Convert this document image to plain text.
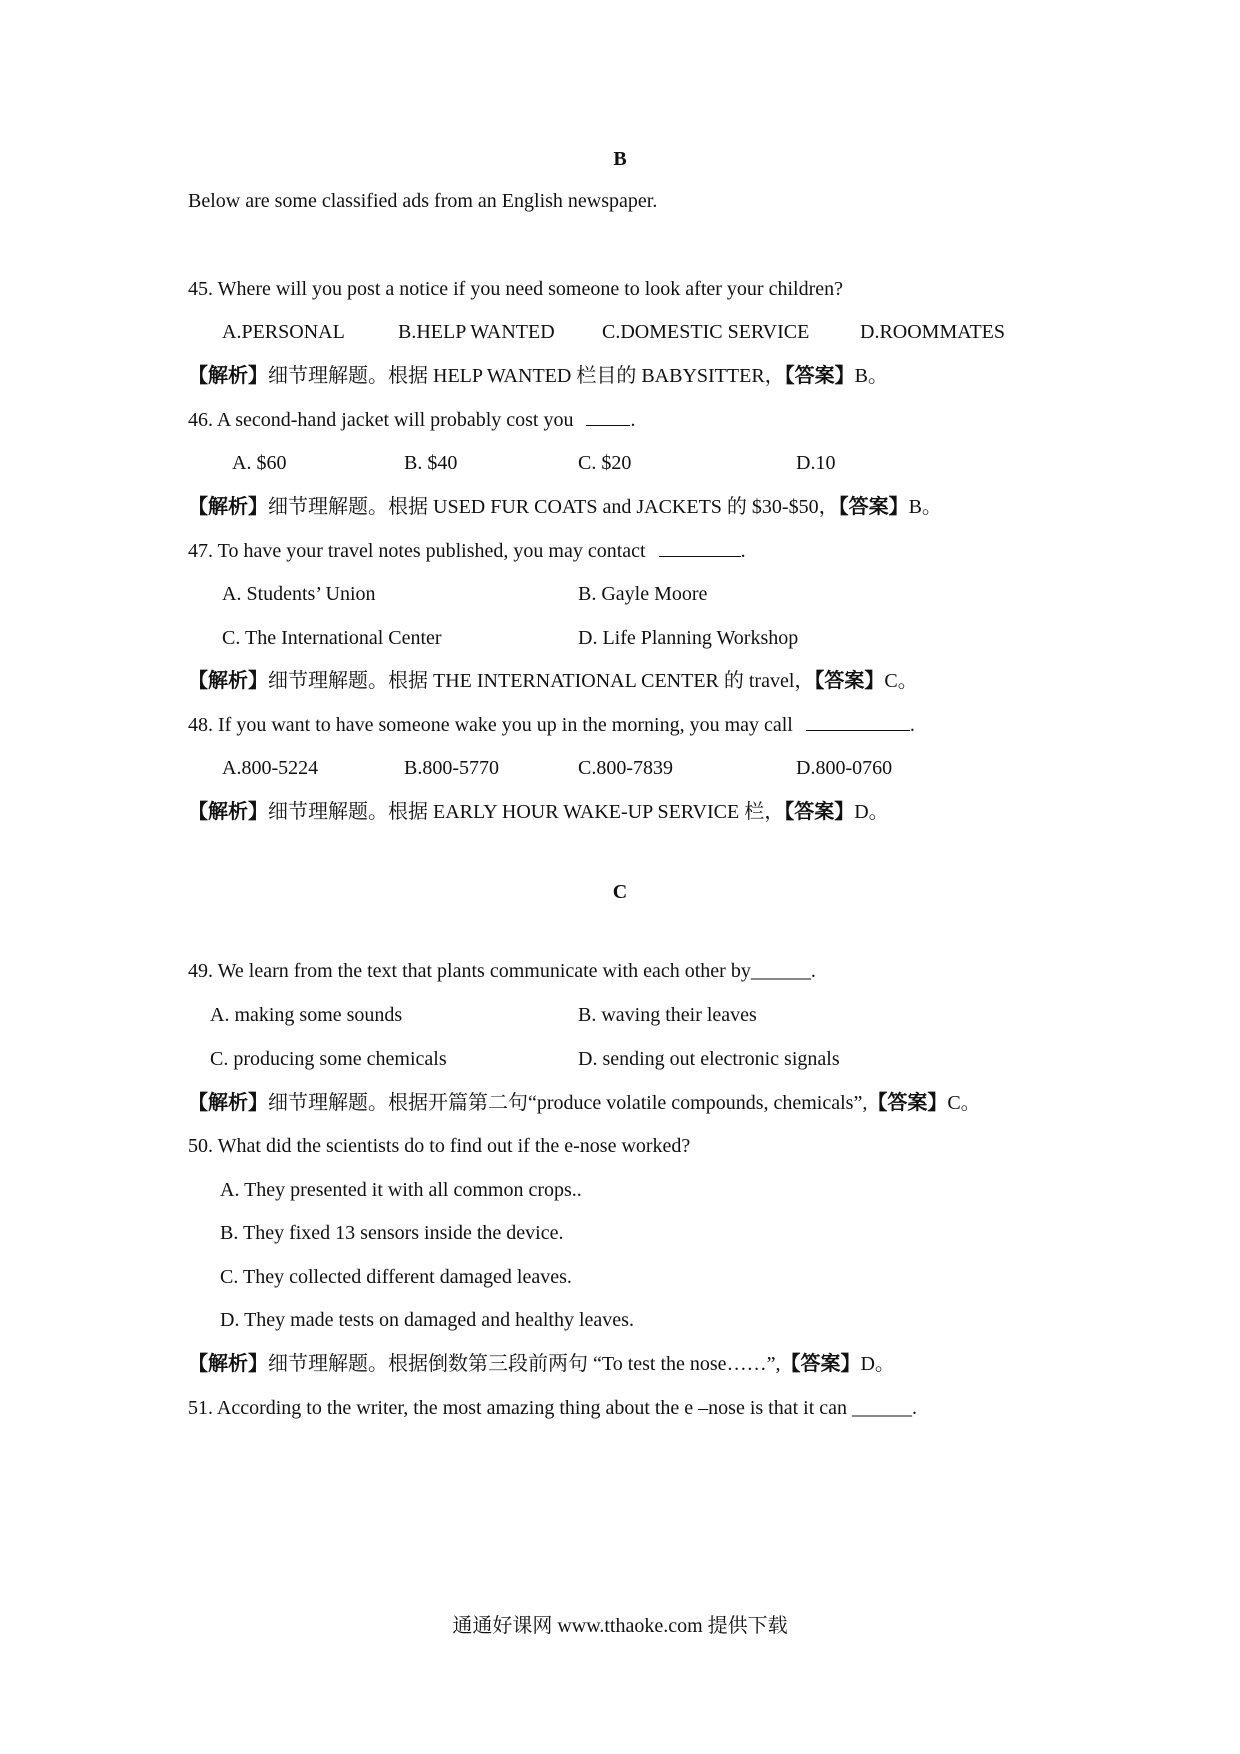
B
Below are some classified ads from an English newspaper.
45. Where will you post a notice if you need someone to look after your children?
A.PERSONAL	B.HELP WANTED C.DOMESTIC SERVICE	D.ROOMMATES
【解析】细节理解题。根据 HELP WANTED 栏目的 BABYSITTER，【答案】B。
46. A second-hand jacket will probably cost you	.
A. $60	B. $40	C. $20	D.10
【解析】细节理解题。根据 USED FUR COATS and JACKETS 的 $30-$50，【答案】B。
47. To have your travel notes published, you may contact	.
A. Students’ Union	B. Gayle Moore
C. The International Center	D. Life Planning Workshop
【解析】细节理解题。根据 THE INTERNATIONAL CENTER 的 travel，【答案】C。
48. If you want to have someone wake you up in the morning, you may call	.
A.800-5224	B.800-5770	C.800-7839	D.800-0760
【解析】细节理解题。根据 EARLY HOUR WAKE-UP SERVICE 栏，【答案】D。
C
49. We learn from the text that plants communicate with each other by______.
A. making some sounds	B. waving their leaves
C. producing some chemicals	D. sending out electronic signals
【解析】细节理解题。根据开篇第二句“produce volatile compounds, chemicals”,【答案】C。
50. What did the scientists do to find out if the e-nose worked?
A. They presented it with all common crops..
B. They fixed 13 sensors inside the device.
C. They collected different damaged leaves.
D. They made tests on damaged and healthy leaves.
【解析】细节理解题。根据倒数第三段前两句 “To test the nose……”,【答案】D。
51. According to the writer, the most amazing thing about the e –nose is that it can ______.
通通好课网 www.tthaoke.com 提供下载
